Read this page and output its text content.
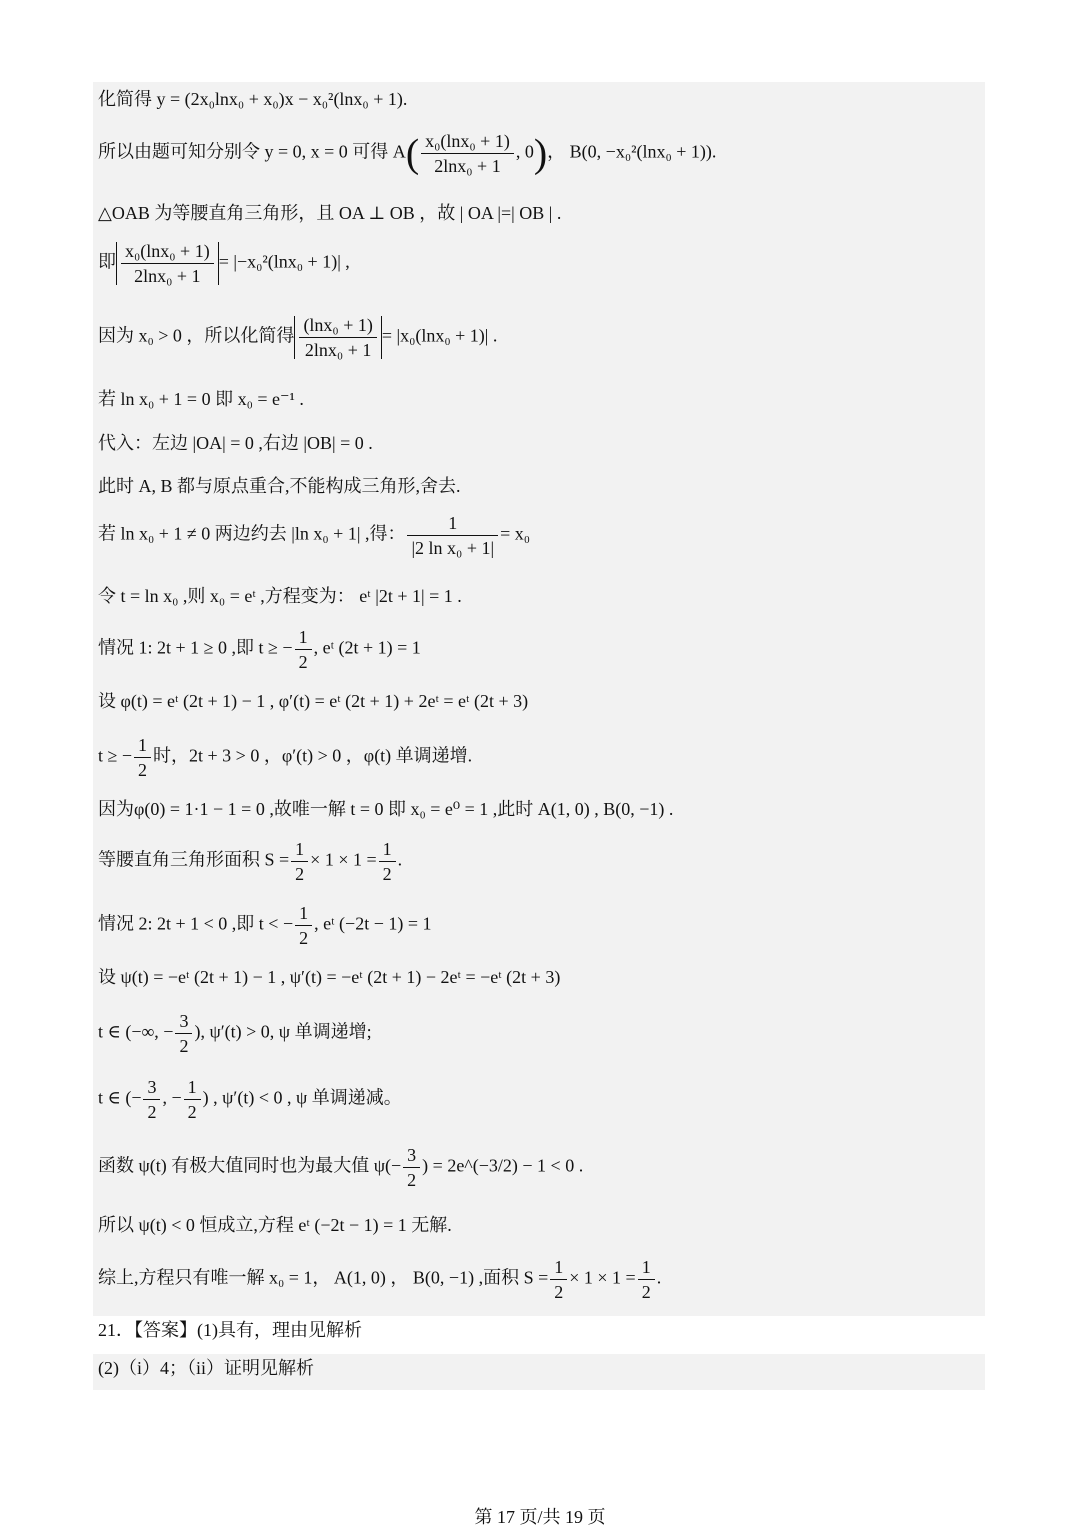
化简得 y = (2x₀lnx₀ + x₀)x − x₀²(lnx₀ + 1).
所以由题可知分别令 y = 0, x = 0 可得 $A( \frac{\text{x₀(lnx₀ + 1)}}{\text{2lnx₀ + 1}}$ , 0)， B(0, −x₀²(lnx₀ + 1)).
△OAB 为等腰直角三角形，且 OA ⊥ OB ，故 | OA |=| OB | .
即 $\frac{\text{x₀(lnx₀ + 1)}}{\text{2lnx₀ + 1}} = |-x_0^2(\ln x_0 + 1)|$ ,
因为 x₀ > 0 ，所以化简得 $\frac{\text{(lnx₀ + 1)}}{\text{2lnx₀ + 1}} = |x_0(\ln x_0 + 1)|$ .
若 ln x₀ + 1 = 0 即 x₀ = e⁻¹ .
代入：左边 |OA| = 0 ,右边 |OB| = 0 .
此时 A, B 都与原点重合,不能构成三角形,舍去.
若 ln x₀ + 1 ≠ 0 两边约去 |ln x₀ + 1| ,得： $\frac{1}{\text{|2 ln x₀ + 1|}} = x_0$
令 t = ln x₀ ,则 x₀ = eᵗ ,方程变为： eᵗ |2t + 1| = 1 .
情况 1: 2t + 1 ≥ 0 ,即 t ≥ − $\frac{1}{2}$ , eᵗ (2t + 1) = 1
设 φ(t) = eᵗ (2t + 1) − 1 , φ′(t) = eᵗ (2t + 1) + 2eᵗ = eᵗ (2t + 3)
t ≥ − $\frac{1}{2}$ 时，2t + 3 > 0 ，φ′(t) > 0 ，φ(t) 单调递增.
因为φ(0) = 1·1 − 1 = 0 ,故唯一解 t = 0 即 x₀ = e⁰ = 1 ,此时 A(1, 0) , B(0, −1) .
等腰直角三角形面积 $S = \frac{1}{2} \times 1 \times 1 = \frac{1}{2}$ .
情况 2: 2t + 1 < 0 ,即 t < − $\frac{1}{2}$ , eᵗ (−2t − 1) = 1
设 ψ(t) = −eᵗ (2t + 1) − 1 , ψ′(t) = −eᵗ (2t + 1) − 2eᵗ = −eᵗ (2t + 3)
t ∈ (−∞, − $\frac{3}{2}$ ), ψ′(t) > 0, ψ 单调递增;
t ∈ (− $\frac{3}{2}$ , − $\frac{1}{2}$ ) , ψ′(t) < 0 , ψ 单调递减。
函数 ψ(t) 有极大值同时也为最大值 $\psi(- \frac{3}{2}$ ) = 2e^(−3/2) − 1 < 0 .
所以 ψ(t) < 0 恒成立,方程 eᵗ (−2t − 1) = 1 无解.
综上,方程只有唯一解 x₀ = 1， A(1, 0) ， B(0, −1) ,面积 $S = \frac{1}{2} \times 1 \times 1 = \frac{1}{2}$ .
21．【答案】(1)具有，理由见解析
(2)（i）4；（ii）证明见解析
第 17 页/共 19 页
